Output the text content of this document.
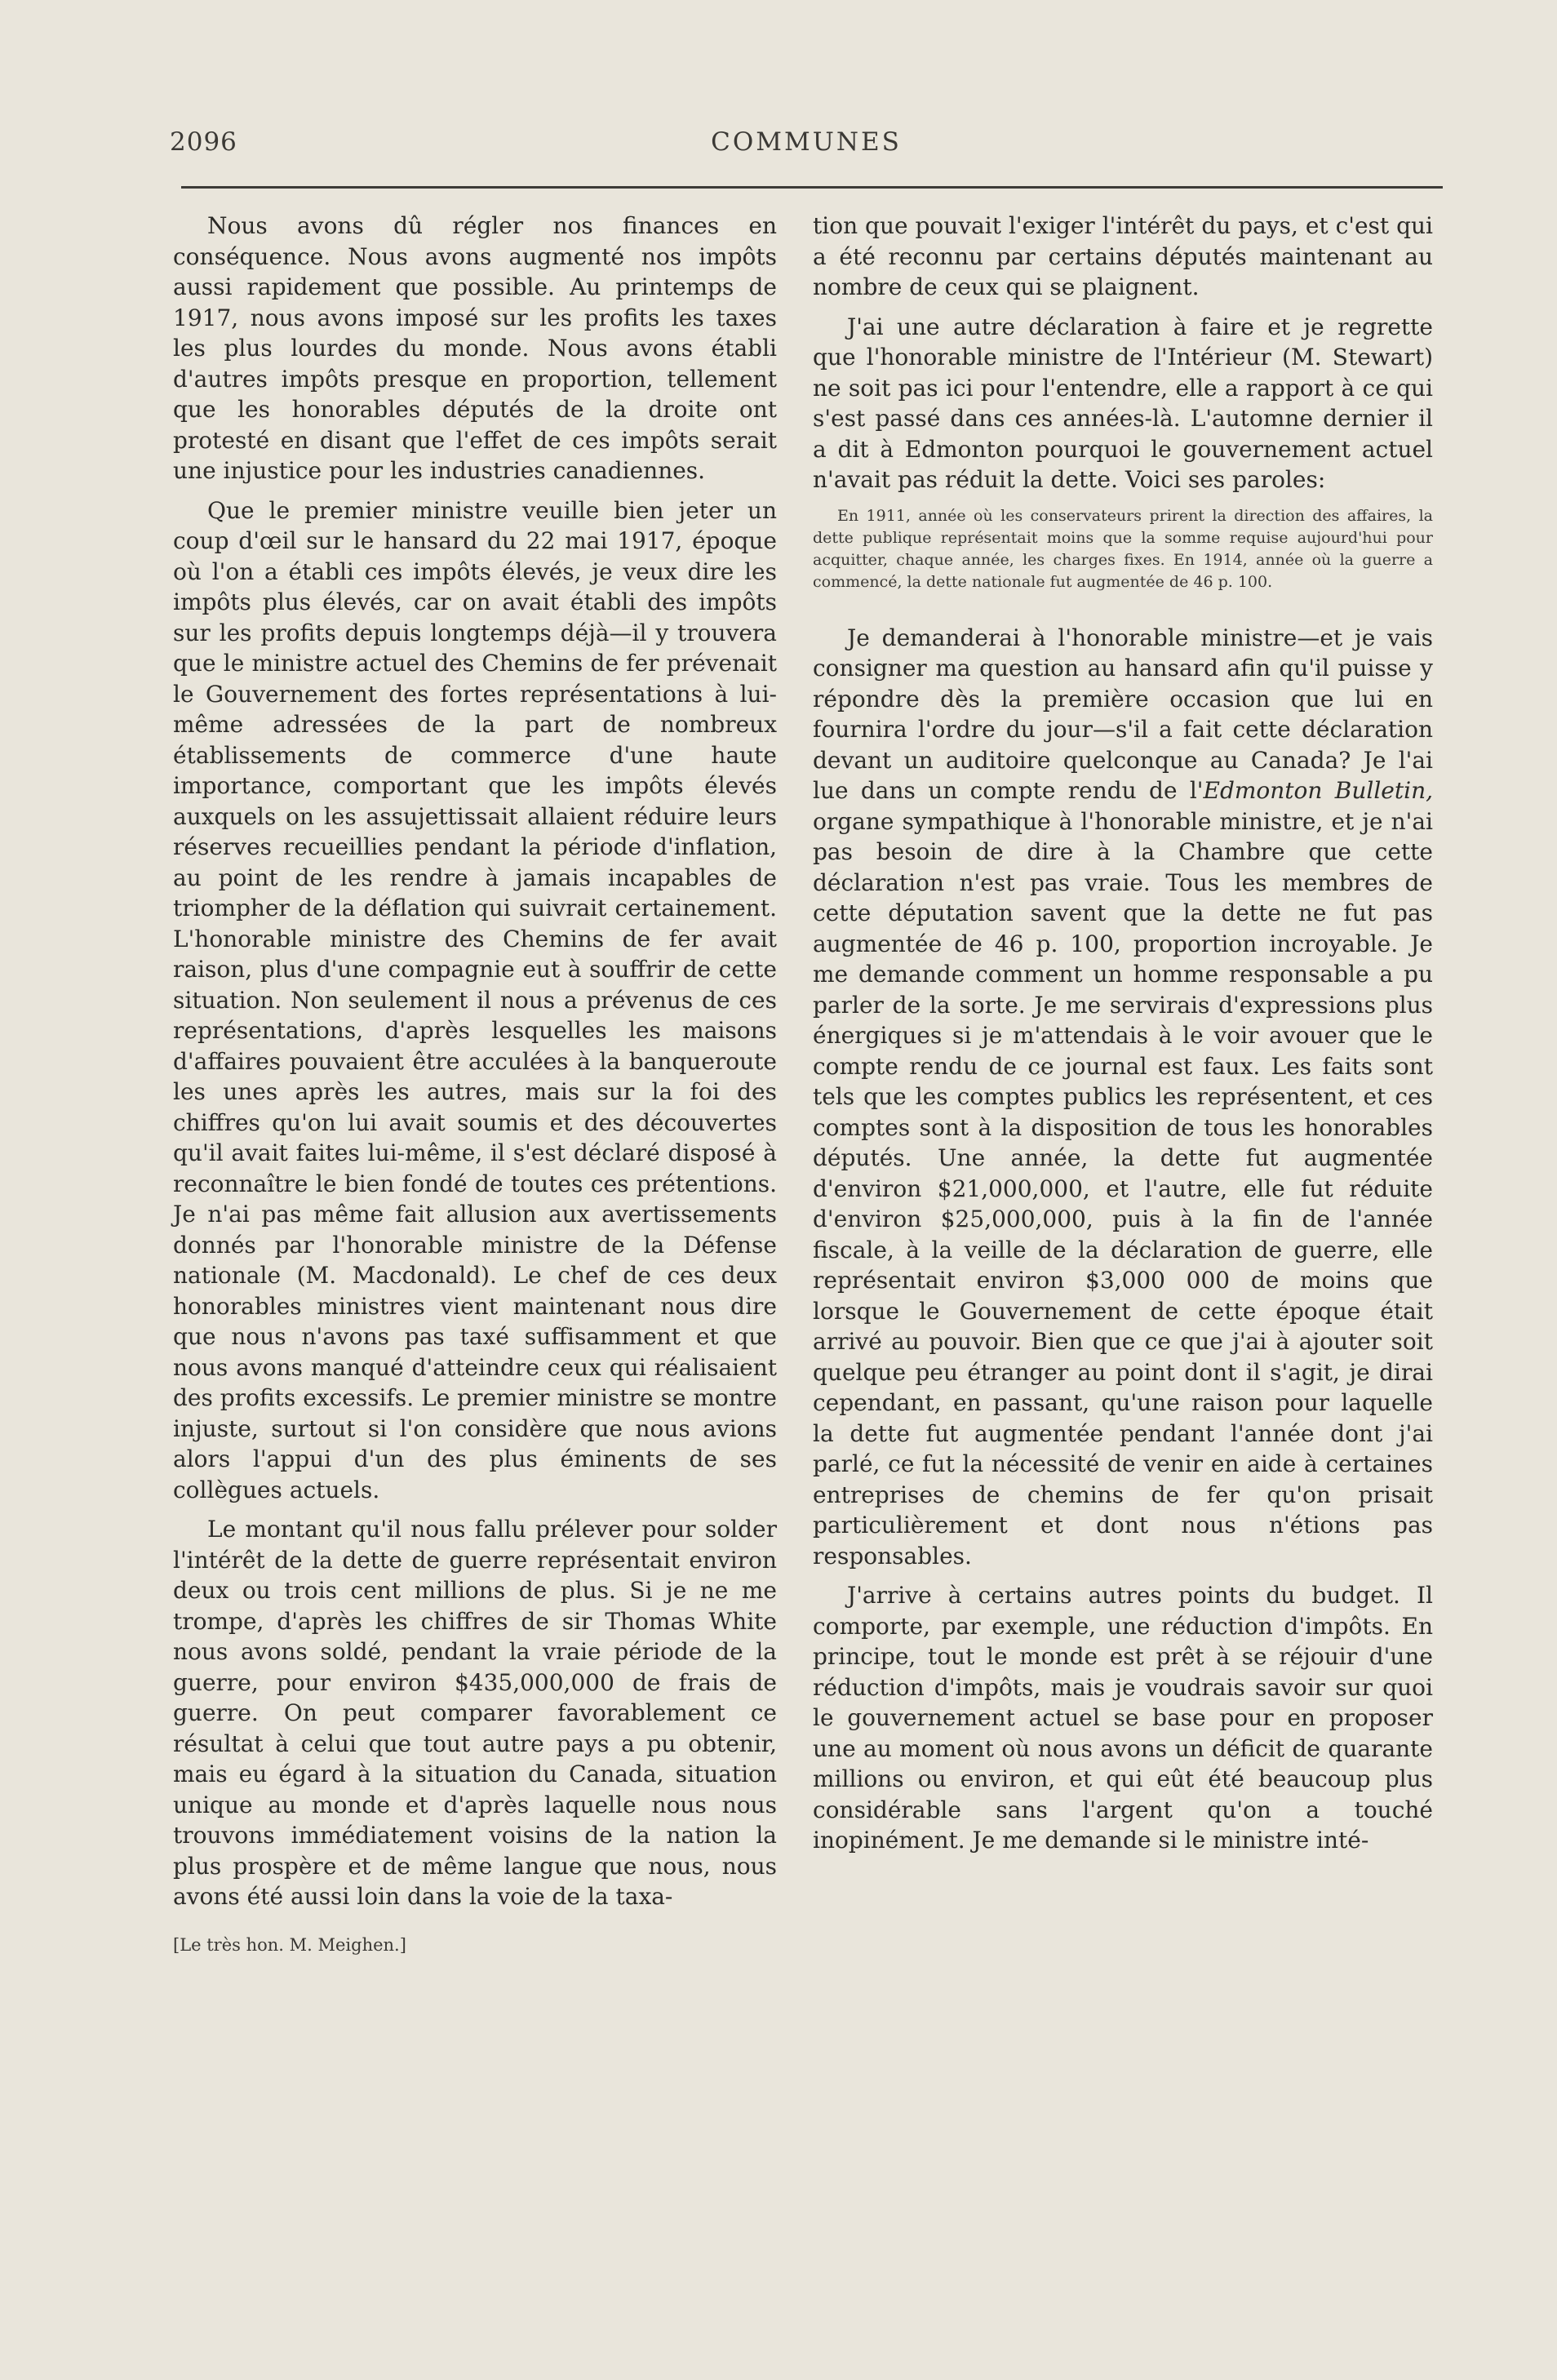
2096	COMMUNES

Nous avons dû régler nos finances en conséquence. Nous avons augmenté nos impôts aussi rapidement que possible. Au printemps de 1917, nous avons imposé sur les profits les taxes les plus lourdes du monde. Nous avons établi d'autres impôts presque en proportion, tellement que les honorables députés de la droite ont protesté en disant que l'effet de ces impôts serait une injustice pour les industries canadiennes.

Que le premier ministre veuille bien jeter un coup d'œil sur le hansard du 22 mai 1917, époque où l'on a établi ces impôts élevés, je veux dire les impôts plus élevés, car on avait établi des impôts sur les profits depuis longtemps déjà—il y trouvera que le ministre actuel des Chemins de fer prévenait le Gouvernement des fortes représentations à lui-même adressées de la part de nombreux établissements de commerce d'une haute importance, comportant que les impôts élevés auxquels on les assujettissait allaient réduire leurs réserves recueillies pendant la période d'inflation, au point de les rendre à jamais incapables de triompher de la déflation qui suivrait certainement. L'honorable ministre des Chemins de fer avait raison, plus d'une compagnie eut à souffrir de cette situation. Non seulement il nous a prévenus de ces représentations, d'après lesquelles les maisons d'affaires pouvaient être acculées à la banqueroute les unes après les autres, mais sur la foi des chiffres qu'on lui avait soumis et des découvertes qu'il avait faites lui-même, il s'est déclaré disposé à reconnaître le bien fondé de toutes ces prétentions. Je n'ai pas même fait allusion aux avertissements donnés par l'honorable ministre de la Défense nationale (M. Macdonald). Le chef de ces deux honorables ministres vient maintenant nous dire que nous n'avons pas taxé suffisamment et que nous avons manqué d'atteindre ceux qui réalisaient des profits excessifs. Le premier ministre se montre injuste, surtout si l'on considère que nous avions alors l'appui d'un des plus éminents de ses collègues actuels.

Le montant qu'il nous fallu prélever pour solder l'intérêt de la dette de guerre représentait environ deux ou trois cent millions de plus. Si je ne me trompe, d'après les chiffres de sir Thomas White nous avons soldé, pendant la vraie période de la guerre, pour environ $435,000,000 de frais de guerre. On peut comparer favorablement ce résultat à celui que tout autre pays a pu obtenir, mais eu égard à la situation du Canada, situation unique au monde et d'après laquelle nous nous trouvons immédiatement voisins de la nation la plus prospère et de même langue que nous, nous avons été aussi loin dans la voie de la taxa-

[Le très hon. M. Meighen.]

tion que pouvait l'exiger l'intérêt du pays, et c'est qui a été reconnu par certains députés maintenant au nombre de ceux qui se plaignent.

J'ai une autre déclaration à faire et je regrette que l'honorable ministre de l'Intérieur (M. Stewart) ne soit pas ici pour l'entendre, elle a rapport à ce qui s'est passé dans ces années-là. L'automne dernier il a dit à Edmonton pourquoi le gouvernement actuel n'avait pas réduit la dette. Voici ses paroles:

En 1911, année où les conservateurs prirent la direction des affaires, la dette publique représentait moins que la somme requise aujourd'hui pour acquitter, chaque année, les charges fixes. En 1914, année où la guerre a commencé, la dette nationale fut augmentée de 46 p. 100.

Je demanderai à l'honorable ministre—et je vais consigner ma question au hansard afin qu'il puisse y répondre dès la première occasion que lui en fournira l'ordre du jour—s'il a fait cette déclaration devant un auditoire quelconque au Canada? Je l'ai lue dans un compte rendu de l'Edmonton Bulletin, organe sympathique à l'honorable ministre, et je n'ai pas besoin de dire à la Chambre que cette déclaration n'est pas vraie. Tous les membres de cette députation savent que la dette ne fut pas augmentée de 46 p. 100, proportion incroyable. Je me demande comment un homme responsable a pu parler de la sorte. Je me servirais d'expressions plus énergiques si je m'attendais à le voir avouer que le compte rendu de ce journal est faux. Les faits sont tels que les comptes publics les représentent, et ces comptes sont à la disposition de tous les honorables députés. Une année, la dette fut augmentée d'environ $21,000,000, et l'autre, elle fut réduite d'environ $25,000,000, puis à la fin de l'année fiscale, à la veille de la déclaration de guerre, elle représentait environ $3,000 000 de moins que lorsque le Gouvernement de cette époque était arrivé au pouvoir. Bien que ce que j'ai à ajouter soit quelque peu étranger au point dont il s'agit, je dirai cependant, en passant, qu'une raison pour laquelle la dette fut augmentée pendant l'année dont j'ai parlé, ce fut la nécessité de venir en aide à certaines entreprises de chemins de fer qu'on prisait particulièrement et dont nous n'étions pas responsables.

J'arrive à certains autres points du budget. Il comporte, par exemple, une réduction d'impôts. En principe, tout le monde est prêt à se réjouir d'une réduction d'impôts, mais je voudrais savoir sur quoi le gouvernement actuel se base pour en proposer une au moment où nous avons un déficit de quarante millions ou environ, et qui eût été beaucoup plus considérable sans l'argent qu'on a touché inopinément. Je me demande si le ministre inté-
